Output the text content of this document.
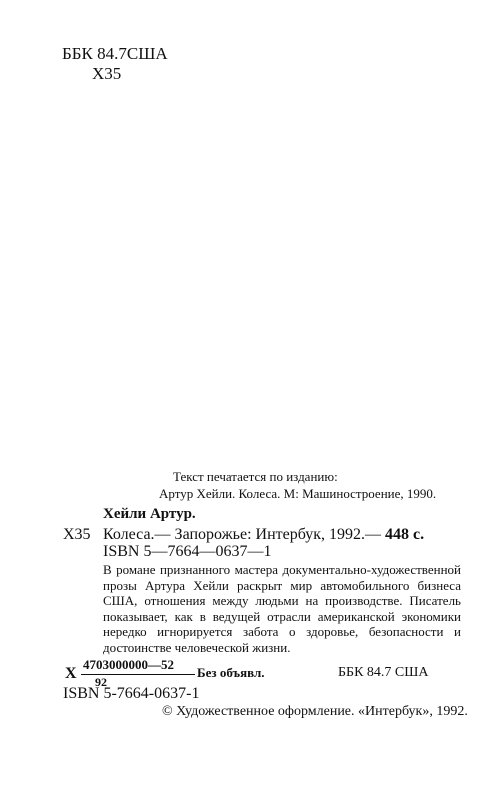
ББК 84.7США
Х35
Текст печатается по изданию:
Артур Хейли. Колеса. М: Машиностроение, 1990.
Хейли Артур.
Х35 Колеса.— Запорожье: Интербук, 1992.— 448 с.
ISBN 5—7664—0637—1

В романе признанного мастера документально-художественной прозы Артура Хейли раскрыт мир автомобильного бизнеса США, отношения между людьми на производстве. Писатель показывает, как в ведущей отрасли американской экономики нередко игнорируется забота о здоровье, безопасности и достоинстве человеческой жизни.

Х
4703000000—52
92
Без объявл.	ББК 84.7 США
ISBN 5-7664-0637-1
© Художественное оформление. «Интербук», 1992.
